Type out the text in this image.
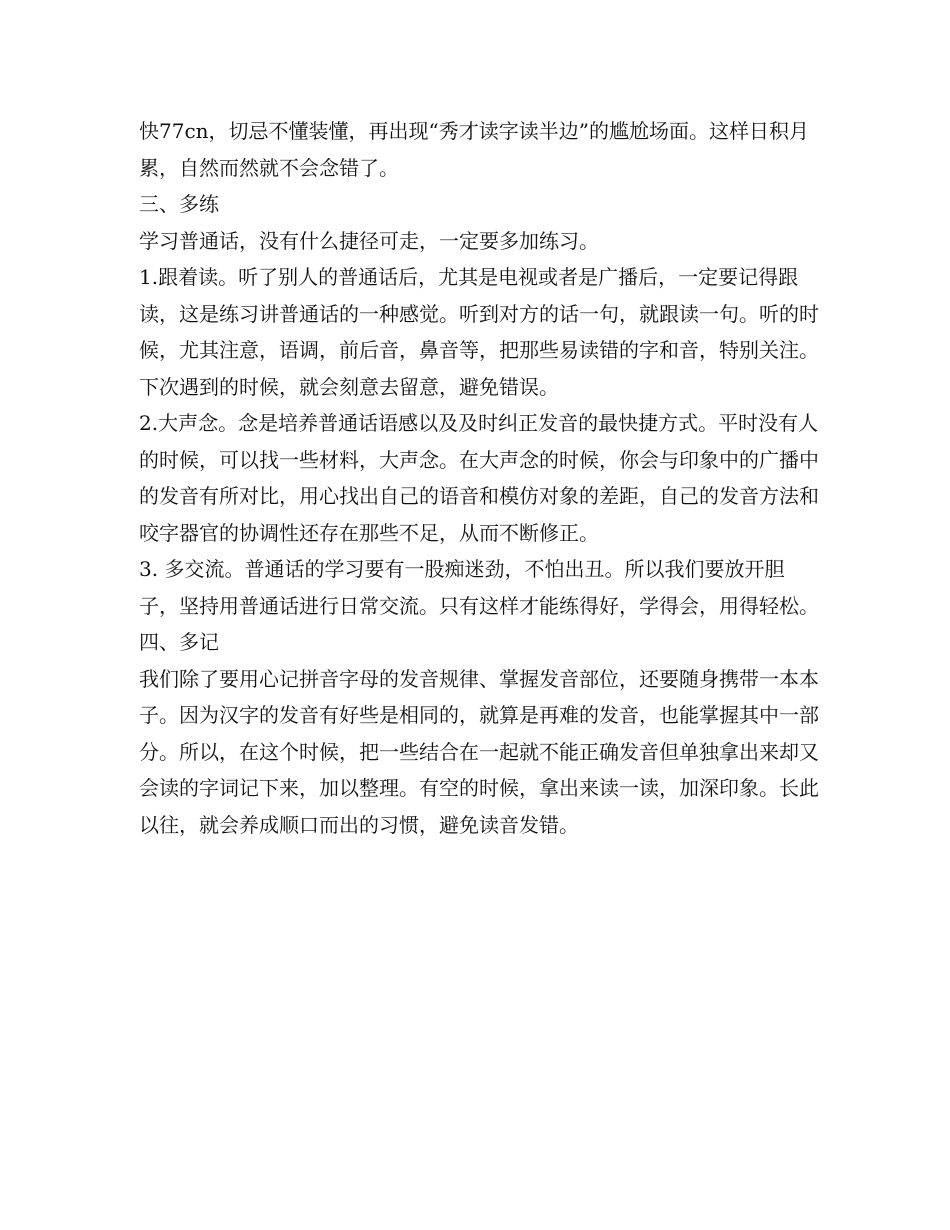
快77cn，切忌不懂装懂，再出现“秀才读字读半边”的尴尬场面。这样日积月累，自然而然就不会念错了。

三、多练

学习普通话，没有什么捷径可走，一定要多加练习。

1.跟着读。听了别人的普通话后，尤其是电视或者是广播后，一定要记得跟读，这是练习讲普通话的一种感觉。听到对方的话一句，就跟读一句。听的时候，尤其注意，语调，前后音，鼻音等，把那些易读错的字和音，特别关注。下次遇到的时候，就会刻意去留意，避免错误。

2.大声念。念是培养普通话语感以及及时纠正发音的最快捷方式。平时没有人的时候，可以找一些材料，大声念。在大声念的时候，你会与印象中的广播中的发音有所对比，用心找出自己的语音和模仿对象的差距，自己的发音方法和咬字器官的协调性还存在那些不足，从而不断修正。

3. 多交流。普通话的学习要有一股痴迷劲，不怕出丑。所以我们要放开胆子，坚持用普通话进行日常交流。只有这样才能练得好，学得会，用得轻松。

四、多记

我们除了要用心记拼音字母的发音规律、掌握发音部位，还要随身携带一本本子。因为汉字的发音有好些是相同的，就算是再难的发音，也能掌握其中一部分。所以，在这个时候，把一些结合在一起就不能正确发音但单独拿出来却又会读的字词记下来，加以整理。有空的时候，拿出来读一读，加深印象。长此以往，就会养成顺口而出的习惯，避免读音发错。
